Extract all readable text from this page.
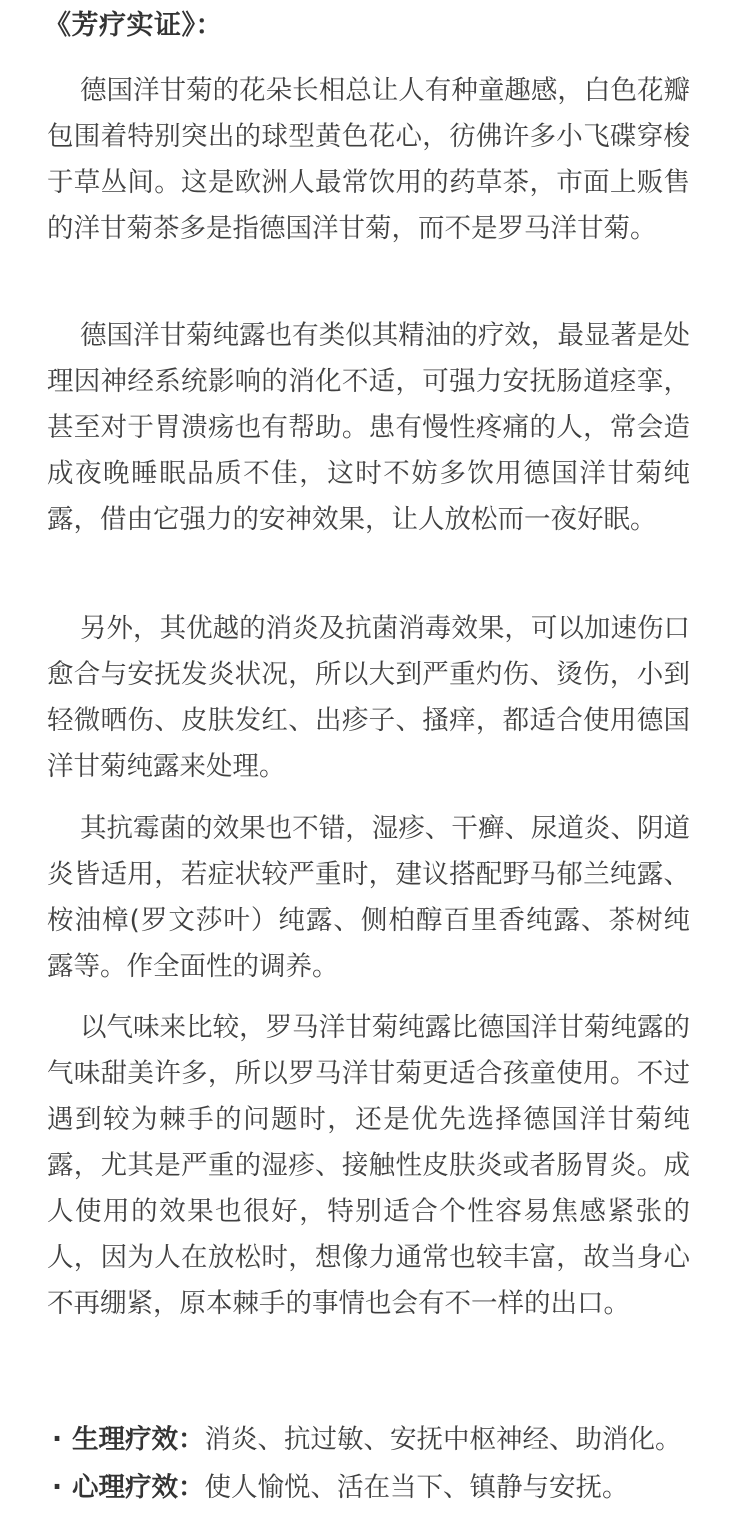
《芳疗实证》：

德国洋甘菊的花朵长相总让人有种童趣感，白色花瓣包围着特别突出的球型黄色花心，彷佛许多小飞碟穿梭于草丛间。这是欧洲人最常饮用的药草茶，市面上贩售的洋甘菊茶多是指德国洋甘菊，而不是罗马洋甘菊。

德国洋甘菊纯露也有类似其精油的疗效，最显著是处理因神经系统影响的消化不适，可强力安抚肠道痉挛，甚至对于胃溃疡也有帮助。患有慢性疼痛的人，常会造成夜晚睡眠品质不佳，这时不妨多饮用德国洋甘菊纯露，借由它强力的安神效果，让人放松而一夜好眠。

另外，其优越的消炎及抗菌消毒效果，可以加速伤口愈合与安抚发炎状况，所以大到严重灼伤、烫伤，小到轻微晒伤、皮肤发红、出疹子、搔痒，都适合使用德国洋甘菊纯露来处理。

其抗霉菌的效果也不错，湿疹、干癣、尿道炎、阴道炎皆适用，若症状较严重时，建议搭配野马郁兰纯露、桉油樟(罗文莎叶）纯露、侧柏醇百里香纯露、茶树纯露等。作全面性的调养。

以气味来比较，罗马洋甘菊纯露比德国洋甘菊纯露的气味甜美许多，所以罗马洋甘菊更适合孩童使用。不过遇到较为棘手的问题时，还是优先选择德国洋甘菊纯露，尤其是严重的湿疹、接触性皮肤炎或者肠胃炎。成人使用的效果也很好，特别适合个性容易焦感紧张的人，因为人在放松时，想像力通常也较丰富，故当身心不再绷紧，原本棘手的事情也会有不一样的出口。

· 生理疗效：消炎、抗过敏、安抚中枢神经、助消化。
· 心理疗效：使人愉悦、活在当下、镇静与安抚。
